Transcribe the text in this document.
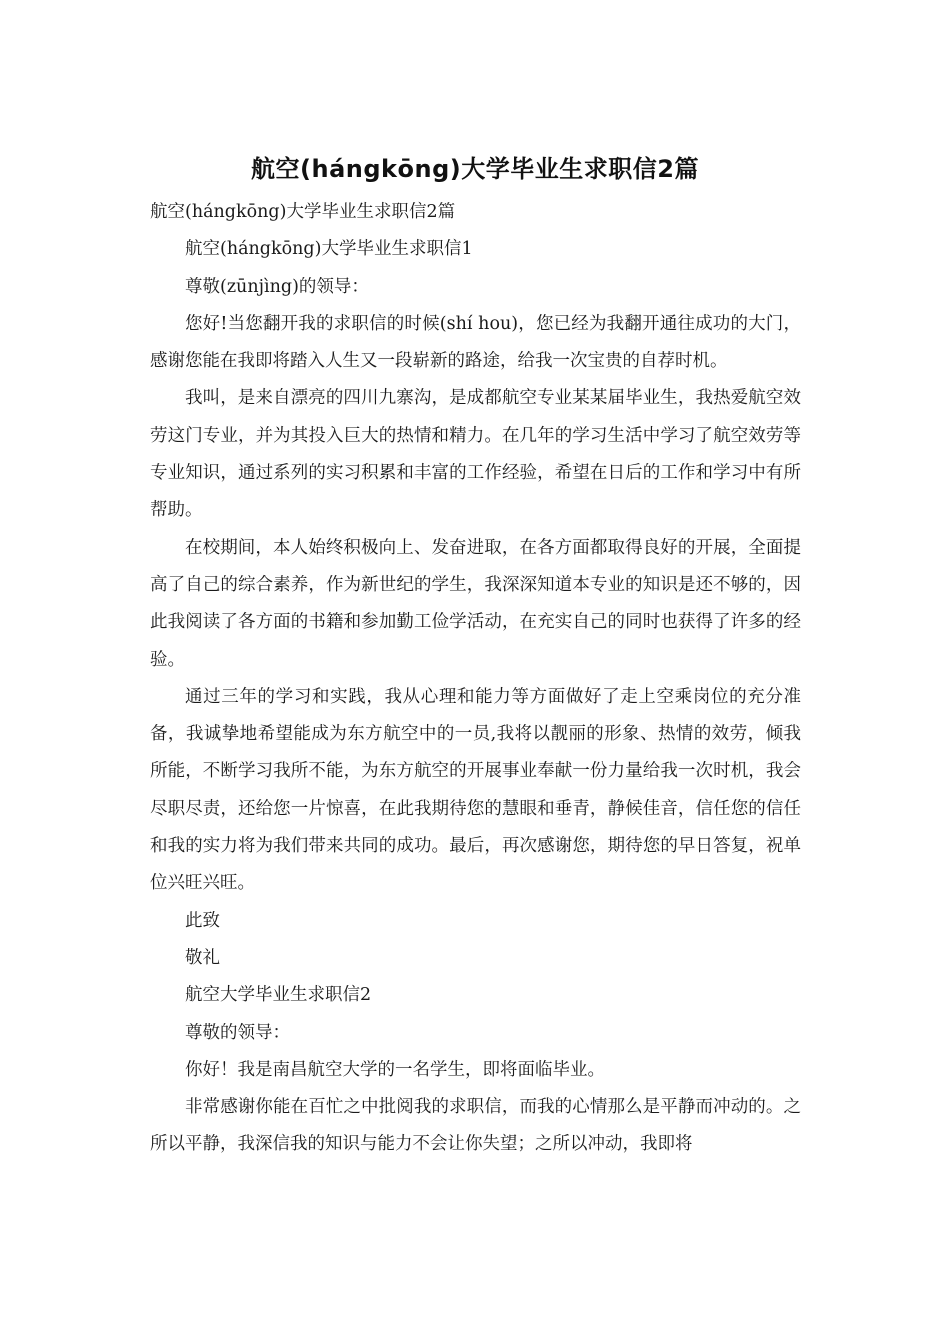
航空(hángkōng)大学毕业生求职信2篇

航空(hángkōng)大学毕业生求职信2篇

航空(hángkōng)大学毕业生求职信1

尊敬(zūnjìng)的领导：

您好!当您翻开我的求职信的时候(shí hou)，您已经为我翻开通往成功的大门，感谢您能在我即将踏入人生又一段崭新的路途，给我一次宝贵的自荐时机。

我叫，是来自漂亮的四川九寨沟，是成都航空专业某某届毕业生，我热爱航空效劳这门专业，并为其投入巨大的热情和精力。在几年的学习生活中学习了航空效劳等专业知识，通过系列的实习积累和丰富的工作经验，希望在日后的工作和学习中有所帮助。

在校期间，本人始终积极向上、发奋进取，在各方面都取得良好的开展，全面提高了自己的综合素养，作为新世纪的学生，我深深知道本专业的知识是还不够的，因此我阅读了各方面的书籍和参加勤工俭学活动，在充实自己的同时也获得了许多的经验。

通过三年的学习和实践，我从心理和能力等方面做好了走上空乘岗位的充分准备，我诚挚地希望能成为东方航空中的一员,我将以靓丽的形象、热情的效劳，倾我所能，不断学习我所不能，为东方航空的开展事业奉献一份力量给我一次时机，我会尽职尽责，还给您一片惊喜，在此我期待您的慧眼和垂青，静候佳音，信任您的信任和我的实力将为我们带来共同的成功。最后，再次感谢您，期待您的早日答复，祝单位兴旺兴旺。

此致

敬礼

航空大学毕业生求职信2

尊敬的领导：

你好！我是南昌航空大学的一名学生，即将面临毕业。

非常感谢你能在百忙之中批阅我的求职信，而我的心情那么是平静而冲动的。之所以平静，我深信我的知识与能力不会让你失望；之所以冲动，我即将
